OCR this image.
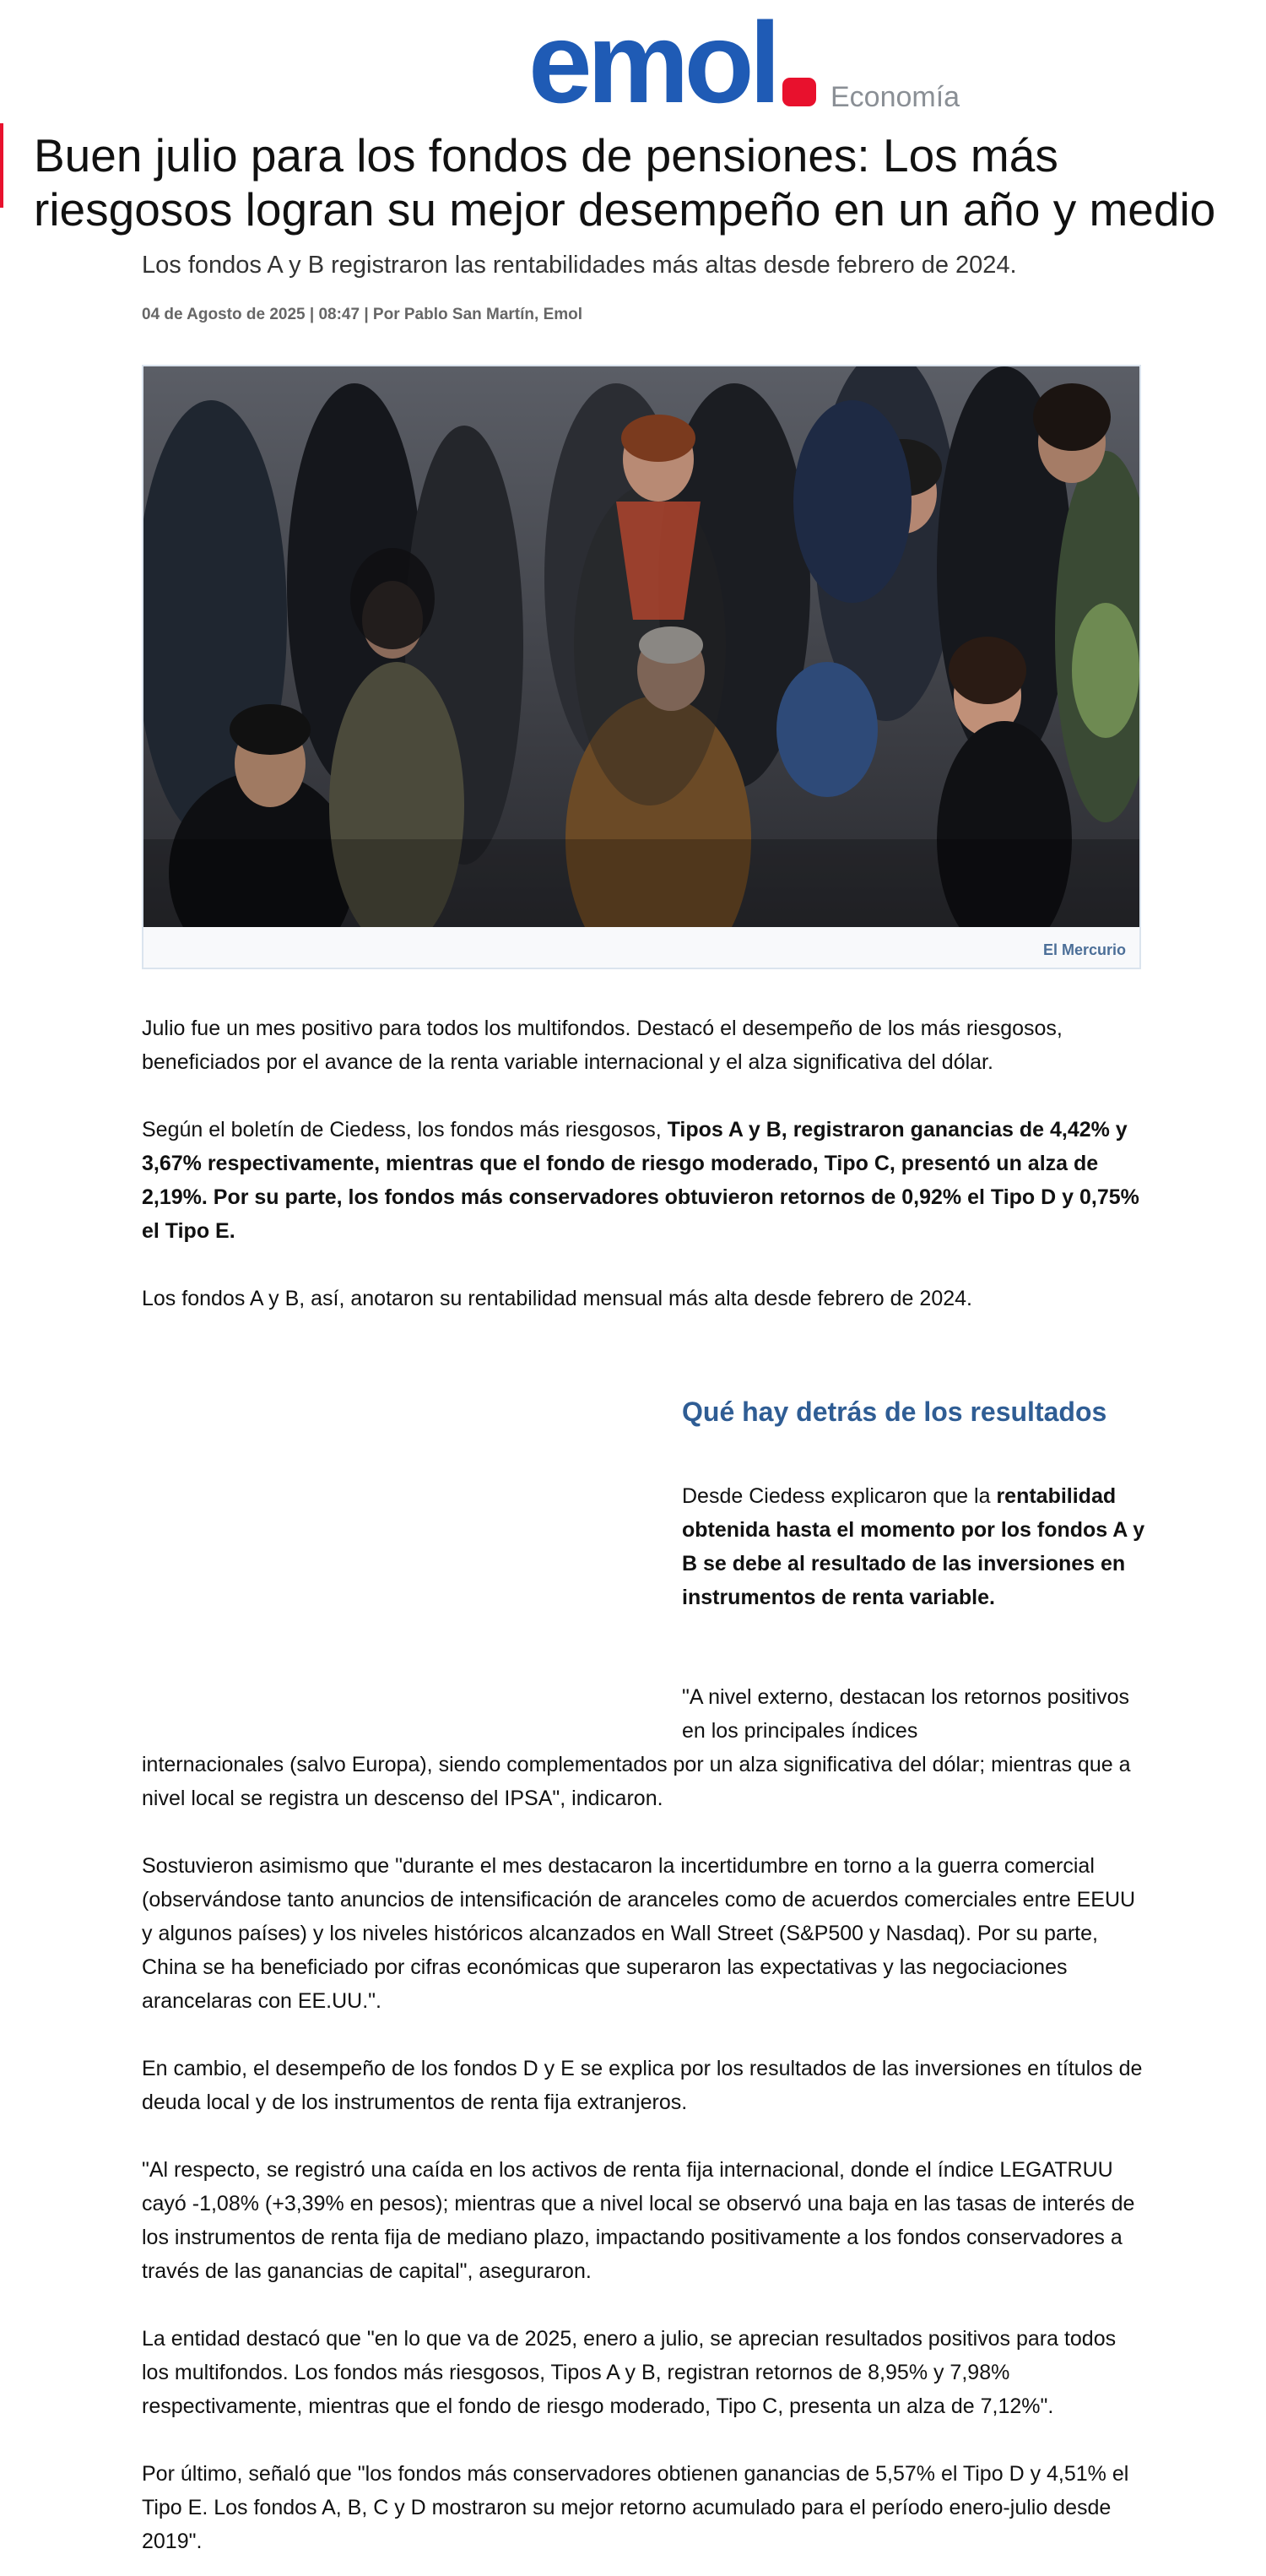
emol Economía
Buen julio para los fondos de pensiones: Los más riesgosos logran su mejor desempeño en un año y medio

Los fondos A y B registraron las rentabilidades más altas desde febrero de 2024.

04 de Agosto de 2025 | 08:47 | Por Pablo San Martín, Emol
El Mercurio

Julio fue un mes positivo para todos los multifondos. Destacó el desempeño de los más riesgosos, beneficiados por el avance de la renta variable internacional y el alza significativa del dólar.

Según el boletín de Ciedess, los fondos más riesgosos, Tipos A y B, registraron ganancias de 4,42% y 3,67% respectivamente, mientras que el fondo de riesgo moderado, Tipo C, presentó un alza de 2,19%. Por su parte, los fondos más conservadores obtuvieron retornos de 0,92% el Tipo D y 0,75% el Tipo E.

Los fondos A y B, así, anotaron su rentabilidad mensual más alta desde febrero de 2024.

Qué hay detrás de los resultados

Desde Ciedess explicaron que la rentabilidad obtenida hasta el momento por los fondos A y B se debe al resultado de las inversiones en instrumentos de renta variable.

"A nivel externo, destacan los retornos positivos en los principales índices

internacionales (salvo Europa), siendo complementados por un alza significativa del dólar; mientras que a nivel local se registra un descenso del IPSA", indicaron.

Sostuvieron asimismo que "durante el mes destacaron la incertidumbre en torno a la guerra comercial (observándose tanto anuncios de intensificación de aranceles como de acuerdos comerciales entre EEUU y algunos países) y los niveles históricos alcanzados en Wall Street (S&P500 y Nasdaq). Por su parte, China se ha beneficiado por cifras económicas que superaron las expectativas y las negociaciones arancelaras con EE.UU.".

En cambio, el desempeño de los fondos D y E se explica por los resultados de las inversiones en títulos de deuda local y de los instrumentos de renta fija extranjeros.

"Al respecto, se registró una caída en los activos de renta fija internacional, donde el índice LEGATRUU cayó -1,08% (+3,39% en pesos); mientras que a nivel local se observó una baja en las tasas de interés de los instrumentos de renta fija de mediano plazo, impactando positivamente a los fondos conservadores a través de las ganancias de capital", aseguraron.

La entidad destacó que "en lo que va de 2025, enero a julio, se aprecian resultados positivos para todos los multifondos. Los fondos más riesgosos, Tipos A y B, registran retornos de 8,95% y 7,98% respectivamente, mientras que el fondo de riesgo moderado, Tipo C, presenta un alza de 7,12%".

Por último, señaló que "los fondos más conservadores obtienen ganancias de 5,57% el Tipo D y 4,51% el Tipo E. Los fondos A, B, C y D mostraron su mejor retorno acumulado para el período enero-julio desde 2019".
